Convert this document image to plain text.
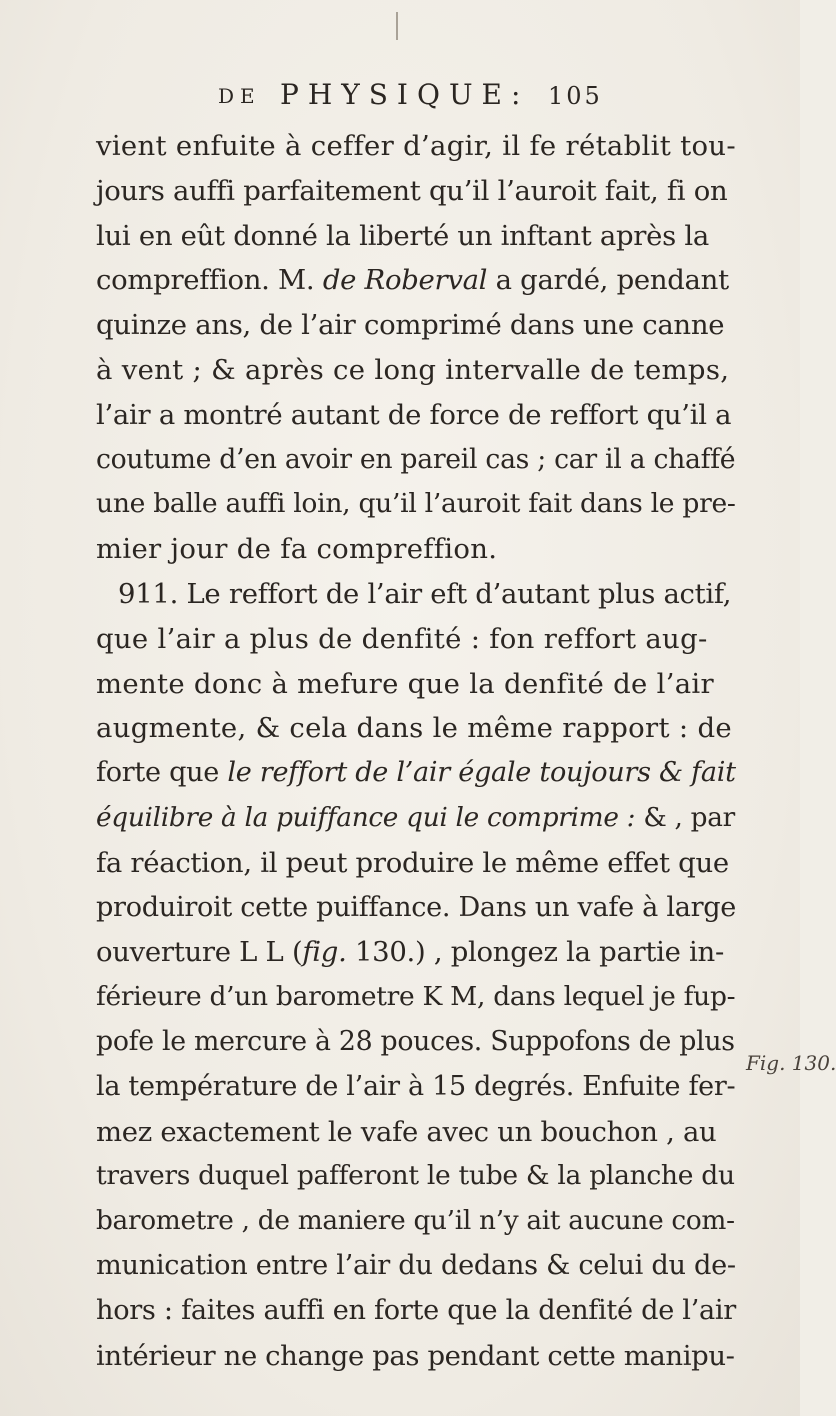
DE PHYSIQUE: 105
vient enfuite à ceffer d’agir, il fe rétablit tou-
jours auffi parfaitement qu’il l’auroit fait, fi on
lui en eût donné la liberté un inftant après la
compreffion. M. de Roberval a gardé, pendant
quinze ans, de l’air comprimé dans une canne
à vent ; & après ce long intervalle de temps,
l’air a montré autant de force de reffort qu’il a
coutume d’en avoir en pareil cas ; car il a chaffé
une balle auffi loin, qu’il l’auroit fait dans le pre-
mier jour de fa compreffion.
911. Le reffort de l’air eft d’autant plus actif,
que l’air a plus de denfité : fon reffort aug-
mente donc à mefure que la denfité de l’air
augmente, & cela dans le même rapport : de
forte que le reffort de l’air égale toujours & fait
équilibre à la puiffance qui le comprime : & , par
fa réaction, il peut produire le même effet que
produiroit cette puiffance. Dans un vafe à large
ouverture L L (fig. 130.) , plongez la partie in-
férieure d’un barometre K M, dans lequel je fup-
pofe le mercure à 28 pouces. Suppofons de plus
la température de l’air à 15 degrés. Enfuite fer-
mez exactement le vafe avec un bouchon , au
travers duquel pafferont le tube & la planche du
barometre , de maniere qu’il n’y ait aucune com-
munication entre l’air du dedans & celui du de-
hors : faites auffi en forte que la denfité de l’air
intérieur ne change pas pendant cette manipu-
Fig. 130.
